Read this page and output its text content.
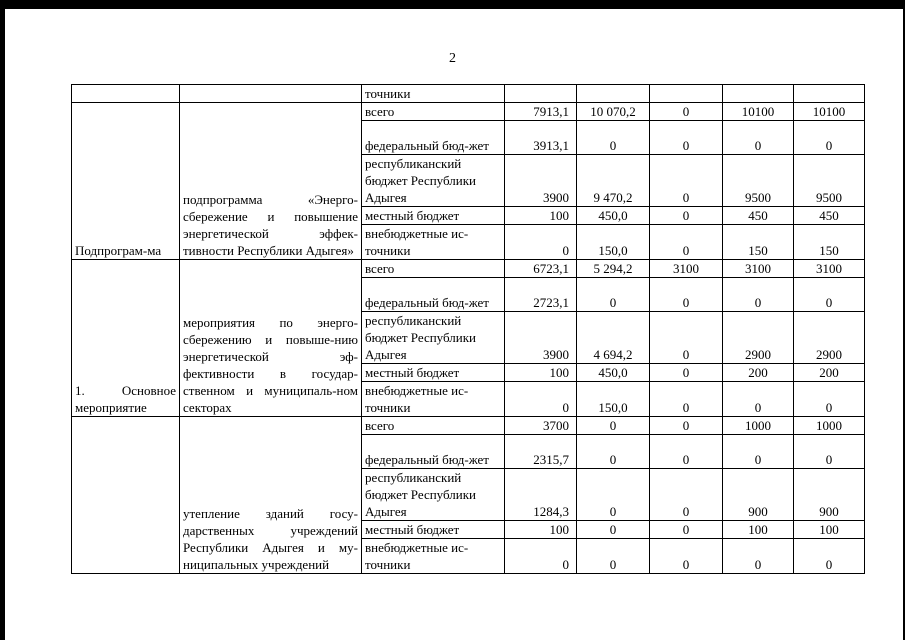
2
		точники					
Подпрограм-ма	подпрограмма «Энерго-сбережение и повышение энергетической эффек-тивности Республики Адыгея»	всего	7913,1	10 070,2	0	10100	10100
		федеральный бюд-жет	3913,1	0	0	0	0
		республиканский бюджет Республики Адыгея	3900	9 470,2	0	9500	9500
		местный бюджет	100	450,0	0	450	450
		внебюджетные ис-точники	0	150,0	0	150	150
1. Основное мероприятие	мероприятия по энерго-сбережению и повыше-нию энергетической эф-фективности в государ-ственном и муниципаль-ном секторах	всего	6723,1	5 294,2	3100	3100	3100
		федеральный бюд-жет	2723,1	0	0	0	0
		республиканский бюджет Республики Адыгея	3900	4 694,2	0	2900	2900
		местный бюджет	100	450,0	0	200	200
		внебюджетные ис-точники	0	150,0	0	0	0
	утепление зданий госу-дарственных учреждений Республики Адыгея и му-ниципальных учреждений	всего	3700	0	0	1000	1000
		федеральный бюд-жет	2315,7	0	0	0	0
		республиканский бюджет Республики Адыгея	1284,3	0	0	900	900
		местный бюджет	100	0	0	100	100
		внебюджетные ис-точники	0	0	0	0	0
